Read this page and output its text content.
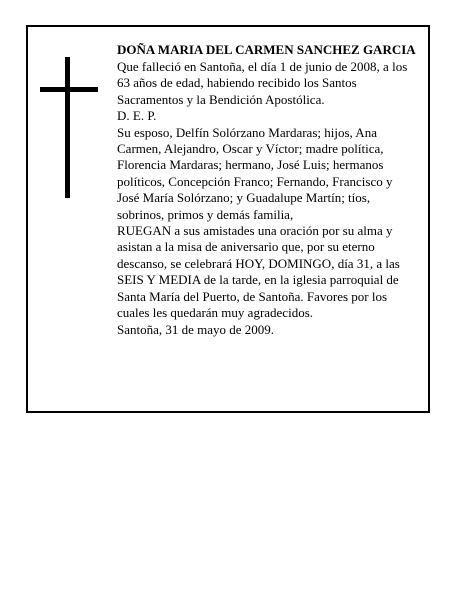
DOÑA MARIA DEL CARMEN SANCHEZ GARCIA

Que falleció en Santoña, el día 1 de junio de 2008, a los 63 años de edad, habiendo recibido los Santos Sacramentos y la Bendición Apostólica.

D. E. P.

Su esposo, Delfín Solórzano Mardaras; hijos, Ana Carmen, Alejandro, Oscar y Víctor; madre política, Florencia Mardaras; hermano, José Luis; hermanos políticos, Concepción Franco; Fernando, Francisco y José María Solórzano; y Guadalupe Martín; tíos, sobrinos, primos y demás familia,

RUEGAN a sus amistades una oración por su alma y asistan a la misa de aniversario que, por su eterno descanso, se celebrará HOY, DOMINGO, día 31, a las SEIS Y MEDIA de la tarde, en la iglesia parroquial de Santa María del Puerto, de Santoña. Favores por los cuales les quedarán muy agradecidos.

Santoña, 31 de mayo de 2009.
